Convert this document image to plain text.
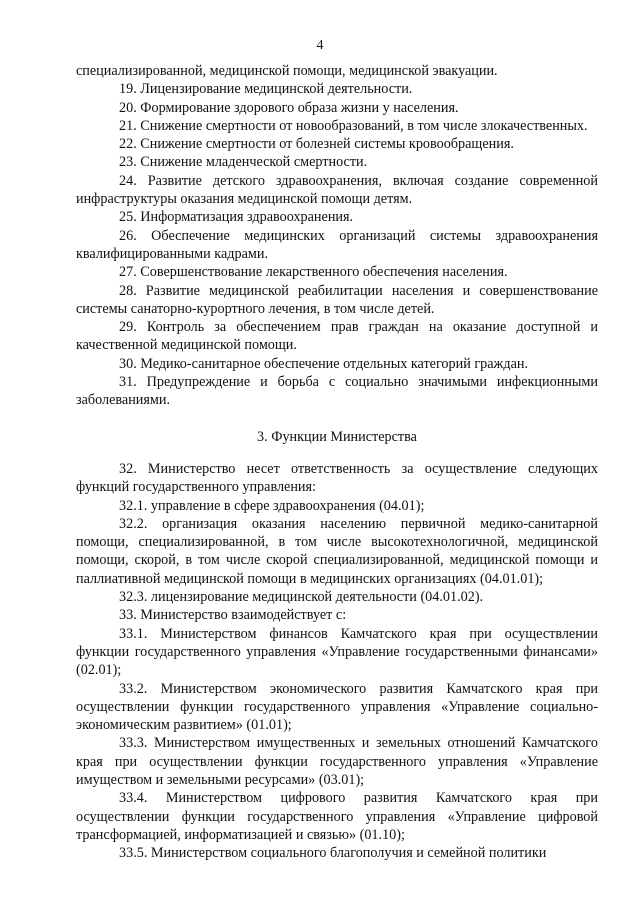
4

специализированной, медицинской помощи, медицинской эвакуации.

19. Лицензирование медицинской деятельности.

20. Формирование здорового образа жизни у населения.

21. Снижение смертности от новообразований, в том числе злокачественных.

22. Снижение смертности от болезней системы кровообращения.

23. Снижение младенческой смертности.

24. Развитие детского здравоохранения, включая создание современной инфраструктуры оказания медицинской помощи детям.

25. Информатизация здравоохранения.

26. Обеспечение медицинских организаций системы здравоохранения квалифицированными кадрами.

27. Совершенствование лекарственного обеспечения населения.

28. Развитие медицинской реабилитации населения и совершенствование системы санаторно-курортного лечения, в том числе детей.

29. Контроль за обеспечением прав граждан на оказание доступной и качественной медицинской помощи.

30. Медико-санитарное обеспечение отдельных категорий граждан.

31. Предупреждение и борьба с социально значимыми инфекционными заболеваниями.

3. Функции Министерства

32. Министерство несет ответственность за осуществление следующих функций государственного управления:

32.1. управление в сфере здравоохранения (04.01);

32.2. организация оказания населению первичной медико-санитарной помощи, специализированной, в том числе высокотехнологичной, медицинской помощи, скорой, в том числе скорой специализированной, медицинской помощи и паллиативной медицинской помощи в медицинских организациях (04.01.01);

32.3. лицензирование медицинской деятельности (04.01.02).

33. Министерство взаимодействует с:

33.1. Министерством финансов Камчатского края при осуществлении функции государственного управления «Управление государственными финансами» (02.01);

33.2. Министерством экономического развития Камчатского края при осуществлении функции государственного управления «Управление социально-экономическим развитием» (01.01);

33.3. Министерством имущественных и земельных отношений Камчатского края при осуществлении функции государственного управления «Управление имуществом и земельными ресурсами» (03.01);

33.4. Министерством цифрового развития Камчатского края при осуществлении функции государственного управления «Управление цифровой трансформацией, информатизацией и связью» (01.10);

33.5. Министерством социального благополучия и семейной политики
